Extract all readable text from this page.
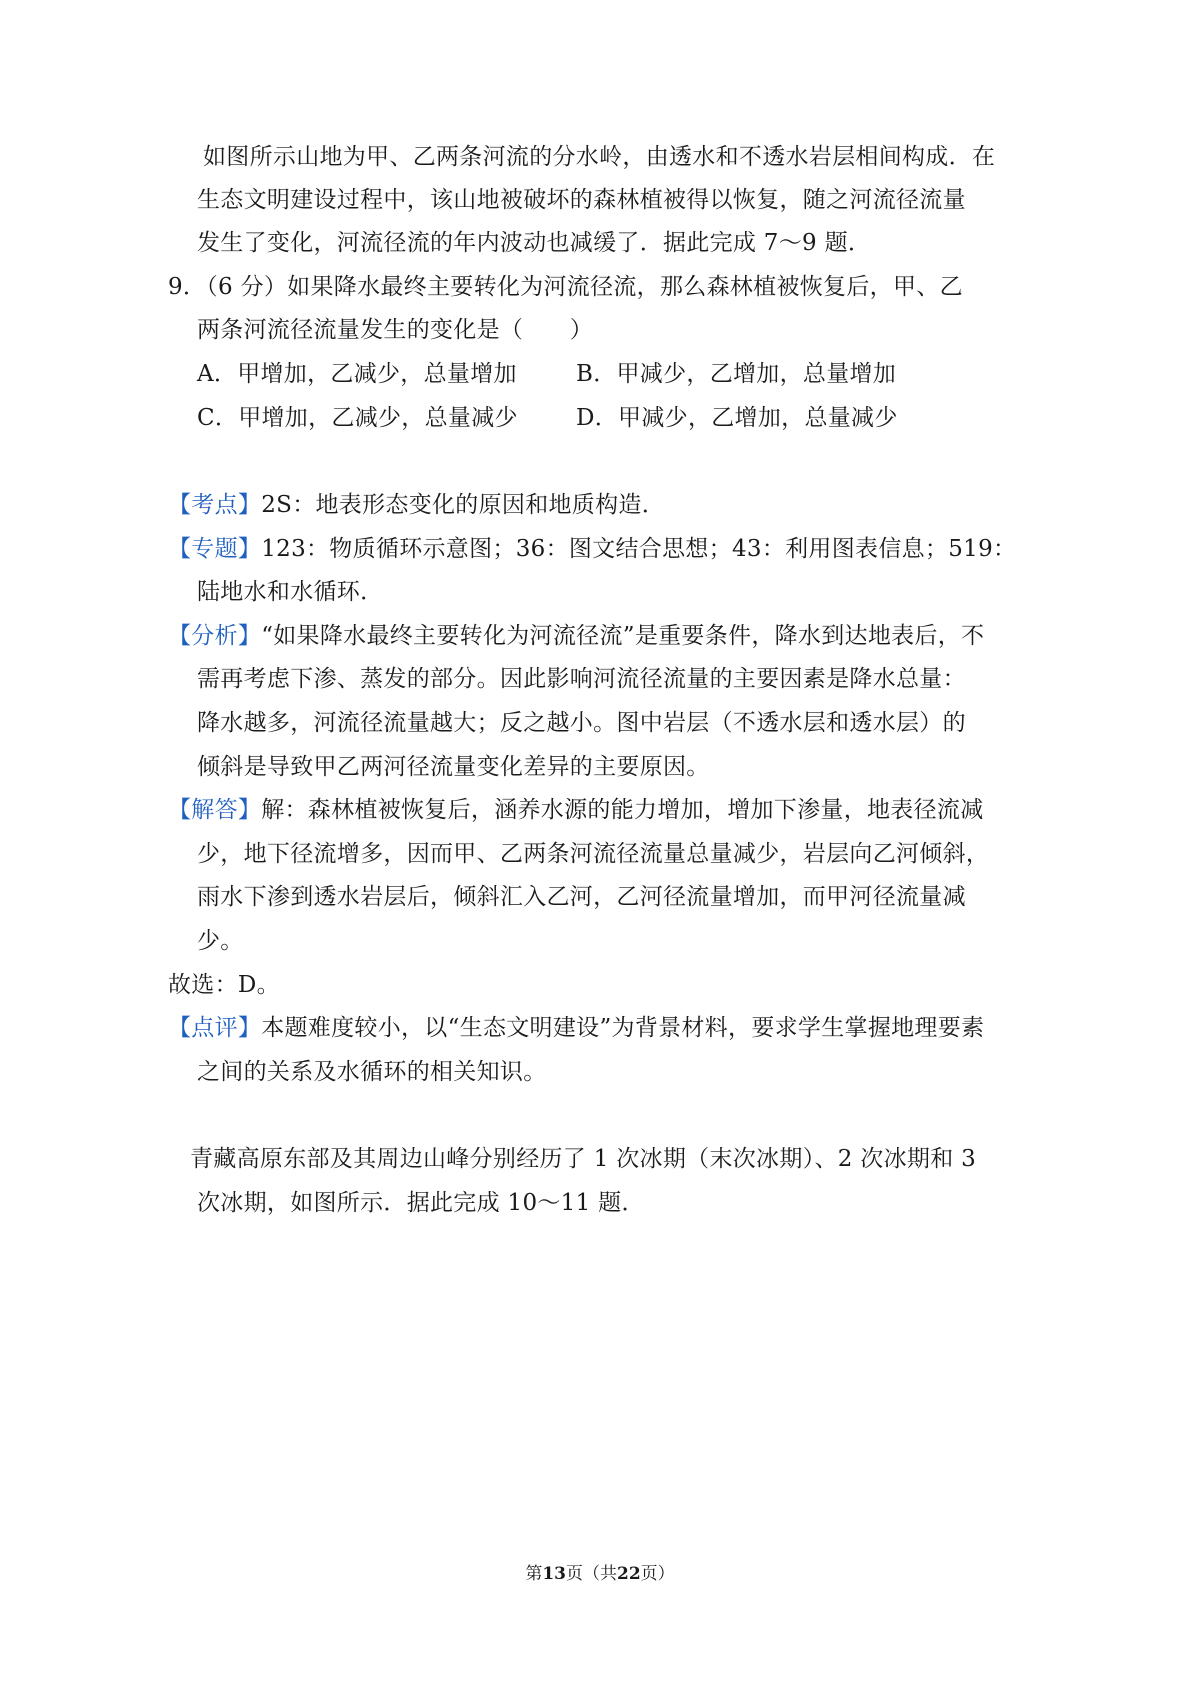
如图所示山地为甲、乙两条河流的分水岭，由透水和不透水岩层相间构成．在
生态文明建设过程中，该山地被破坏的森林植被得以恢复，随之河流径流量
发生了变化，河流径流的年内波动也减缓了．据此完成 7～9 题．
9．（6 分）如果降水最终主要转化为河流径流，那么森林植被恢复后，甲、乙
两条河流径流量发生的变化是（　　）
A．甲增加，乙减少，总量增加	B．甲减少，乙增加，总量增加
C．甲增加，乙减少，总量减少	D．甲减少，乙增加，总量减少
【考点】2S：地表形态变化的原因和地质构造．
【专题】123：物质循环示意图；36：图文结合思想；43：利用图表信息；519：
陆地水和水循环．
【分析】“如果降水最终主要转化为河流径流”是重要条件，降水到达地表后，不
需再考虑下渗、蒸发的部分。因此影响河流径流量的主要因素是降水总量：
降水越多，河流径流量越大；反之越小。图中岩层（不透水层和透水层）的
倾斜是导致甲乙两河径流量变化差异的主要原因。
【解答】解：森林植被恢复后，涵养水源的能力增加，增加下渗量，地表径流减
少，地下径流增多，因而甲、乙两条河流径流量总量减少，岩层向乙河倾斜，
雨水下渗到透水岩层后，倾斜汇入乙河，乙河径流量增加，而甲河径流量减
少。
故选：D。
【点评】本题难度较小，以“生态文明建设”为背景材料，要求学生掌握地理要素
之间的关系及水循环的相关知识。
青藏高原东部及其周边山峰分别经历了 1 次冰期（末次冰期）、2 次冰期和 3
次冰期，如图所示．据此完成 10～11 题．
第13页（共22页）
